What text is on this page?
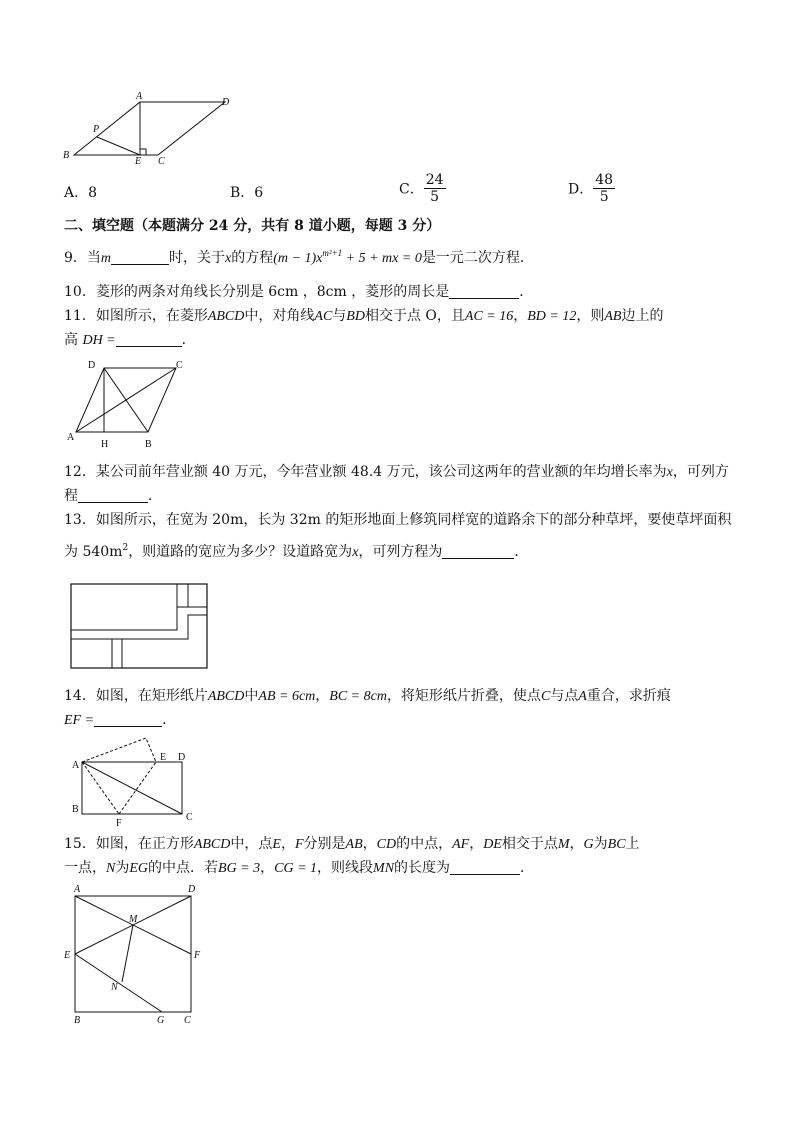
A
B
C
D
E
P
A．8	B．6	C． $\frac{24}{5}$	D． $\frac{48}{5}$
二、填空题（本题满分 24 分，共有 8 道小题，每题 3 分）
9．当m	时，关于x的方程$(m - 1)x^{m^2+1} + 5$ + mx = 0是一元二次方程．
10．菱形的两条对角线长分别是 6cm ，8cm ，菱形的周长是	．
11．如图所示，在菱形ABCD中，对角线AC与BD相交于点 O，且AC = 16，BD = 12，则AB边上的
高 DH =	．
A
B
C
D
H
12．某公司前年营业额 40 万元，今年营业额 48.4 万元，该公司这两年的营业额的年均增长率为x，可列方
程	．
13．如图所示，在宽为 20m，长为 32m 的矩形地面上修筑同样宽的道路余下的部分种草坪，要使草坪面积
为 $540m^2$，则道路的宽应为多少？设道路宽为x，可列方程为	．
14．如图，在矩形纸片ABCD中AB = 6cm，BC = 8cm，将矩形纸片折叠，使点C与点A重合，求折痕
EF =	．
A
B
C
D
E
F
15．如图，在正方形ABCD中，点E，F分别是AB，CD的中点，AF，DE相交于点M，G为BC上
一点，N为EG的中点．若BG = 3，CG = 1，则线段MN的长度为	．
A
B	C
D
E	F
G
M
N
